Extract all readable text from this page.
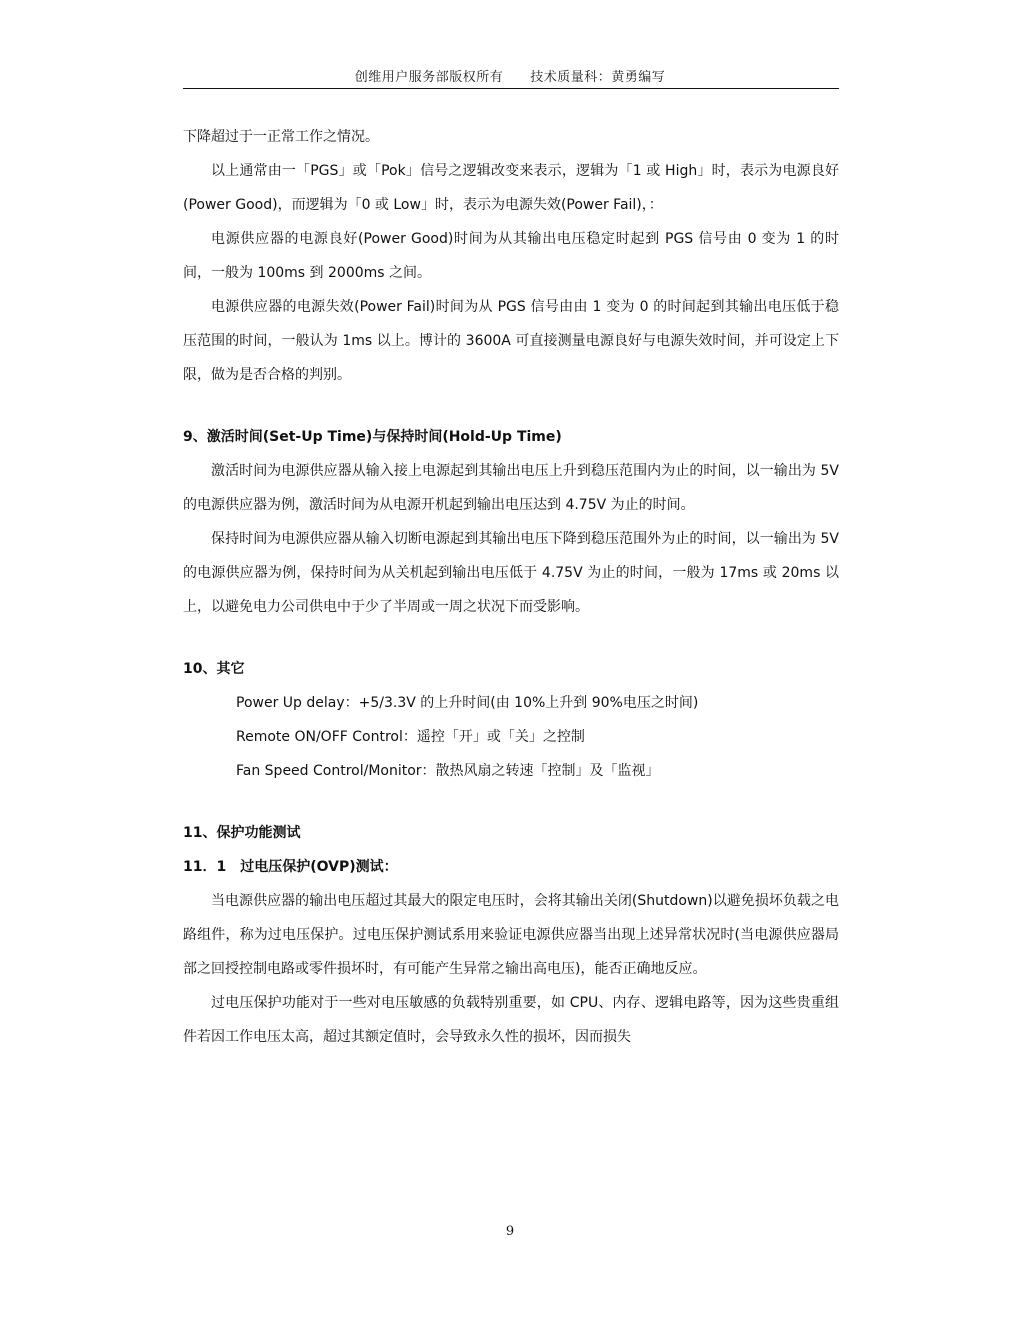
创维用户服务部版权所有　　技术质量科：黄勇编写

下降超过于一正常工作之情况。

以上通常由一「PGS」或「Pok」信号之逻辑改变来表示，逻辑为「1 或 High」时，表示为电源良好(Power Good)，而逻辑为「0 或 Low」时，表示为电源失效(Power Fail)，：

电源供应器的电源良好(Power Good)时间为从其输出电压稳定时起到 PGS 信号由 0 变为 1 的时间，一般为 100ms 到 2000ms 之间。

电源供应器的电源失效(Power Fail)时间为从 PGS 信号由由 1 变为 0 的时间起到其输出电压低于稳压范围的时间，一般认为 1ms 以上。博计的 3600A 可直接测量电源良好与电源失效时间，并可设定上下限，做为是否合格的判别。

9、激活时间(Set-Up Time)与保持时间(Hold-Up Time)

激活时间为电源供应器从输入接上电源起到其输出电压上升到稳压范围内为止的时间，以一输出为 5V 的电源供应器为例，激活时间为从电源开机起到输出电压达到 4.75V 为止的时间。

保持时间为电源供应器从输入切断电源起到其输出电压下降到稳压范围外为止的时间，以一输出为 5V 的电源供应器为例，保持时间为从关机起到输出电压低于 4.75V 为止的时间，一般为 17ms 或 20ms 以上，以避免电力公司供电中于少了半周或一周之状况下而受影响。

10、其它

Power Up delay：+5/3.3V 的上升时间(由 10%上升到 90%电压之时间)

Remote ON/OFF Control：遥控「开」或「关」之控制

Fan Speed Control/Monitor：散热风扇之转速「控制」及「监视」

11、保护功能测试

11．1　过电压保护(OVP)测试：

当电源供应器的输出电压超过其最大的限定电压时，会将其输出关闭(Shutdown)以避免损坏负载之电路组件，称为过电压保护。过电压保护测试系用来验证电源供应器当出现上述异常状况时(当电源供应器局部之回授控制电路或零件损坏时，有可能产生异常之输出高电压)，能否正确地反应。

过电压保护功能对于一些对电压敏感的负载特别重要，如 CPU、内存、逻辑电路等，因为这些贵重组件若因工作电压太高，超过其额定值时，会导致永久性的损坏，因而损失

9
